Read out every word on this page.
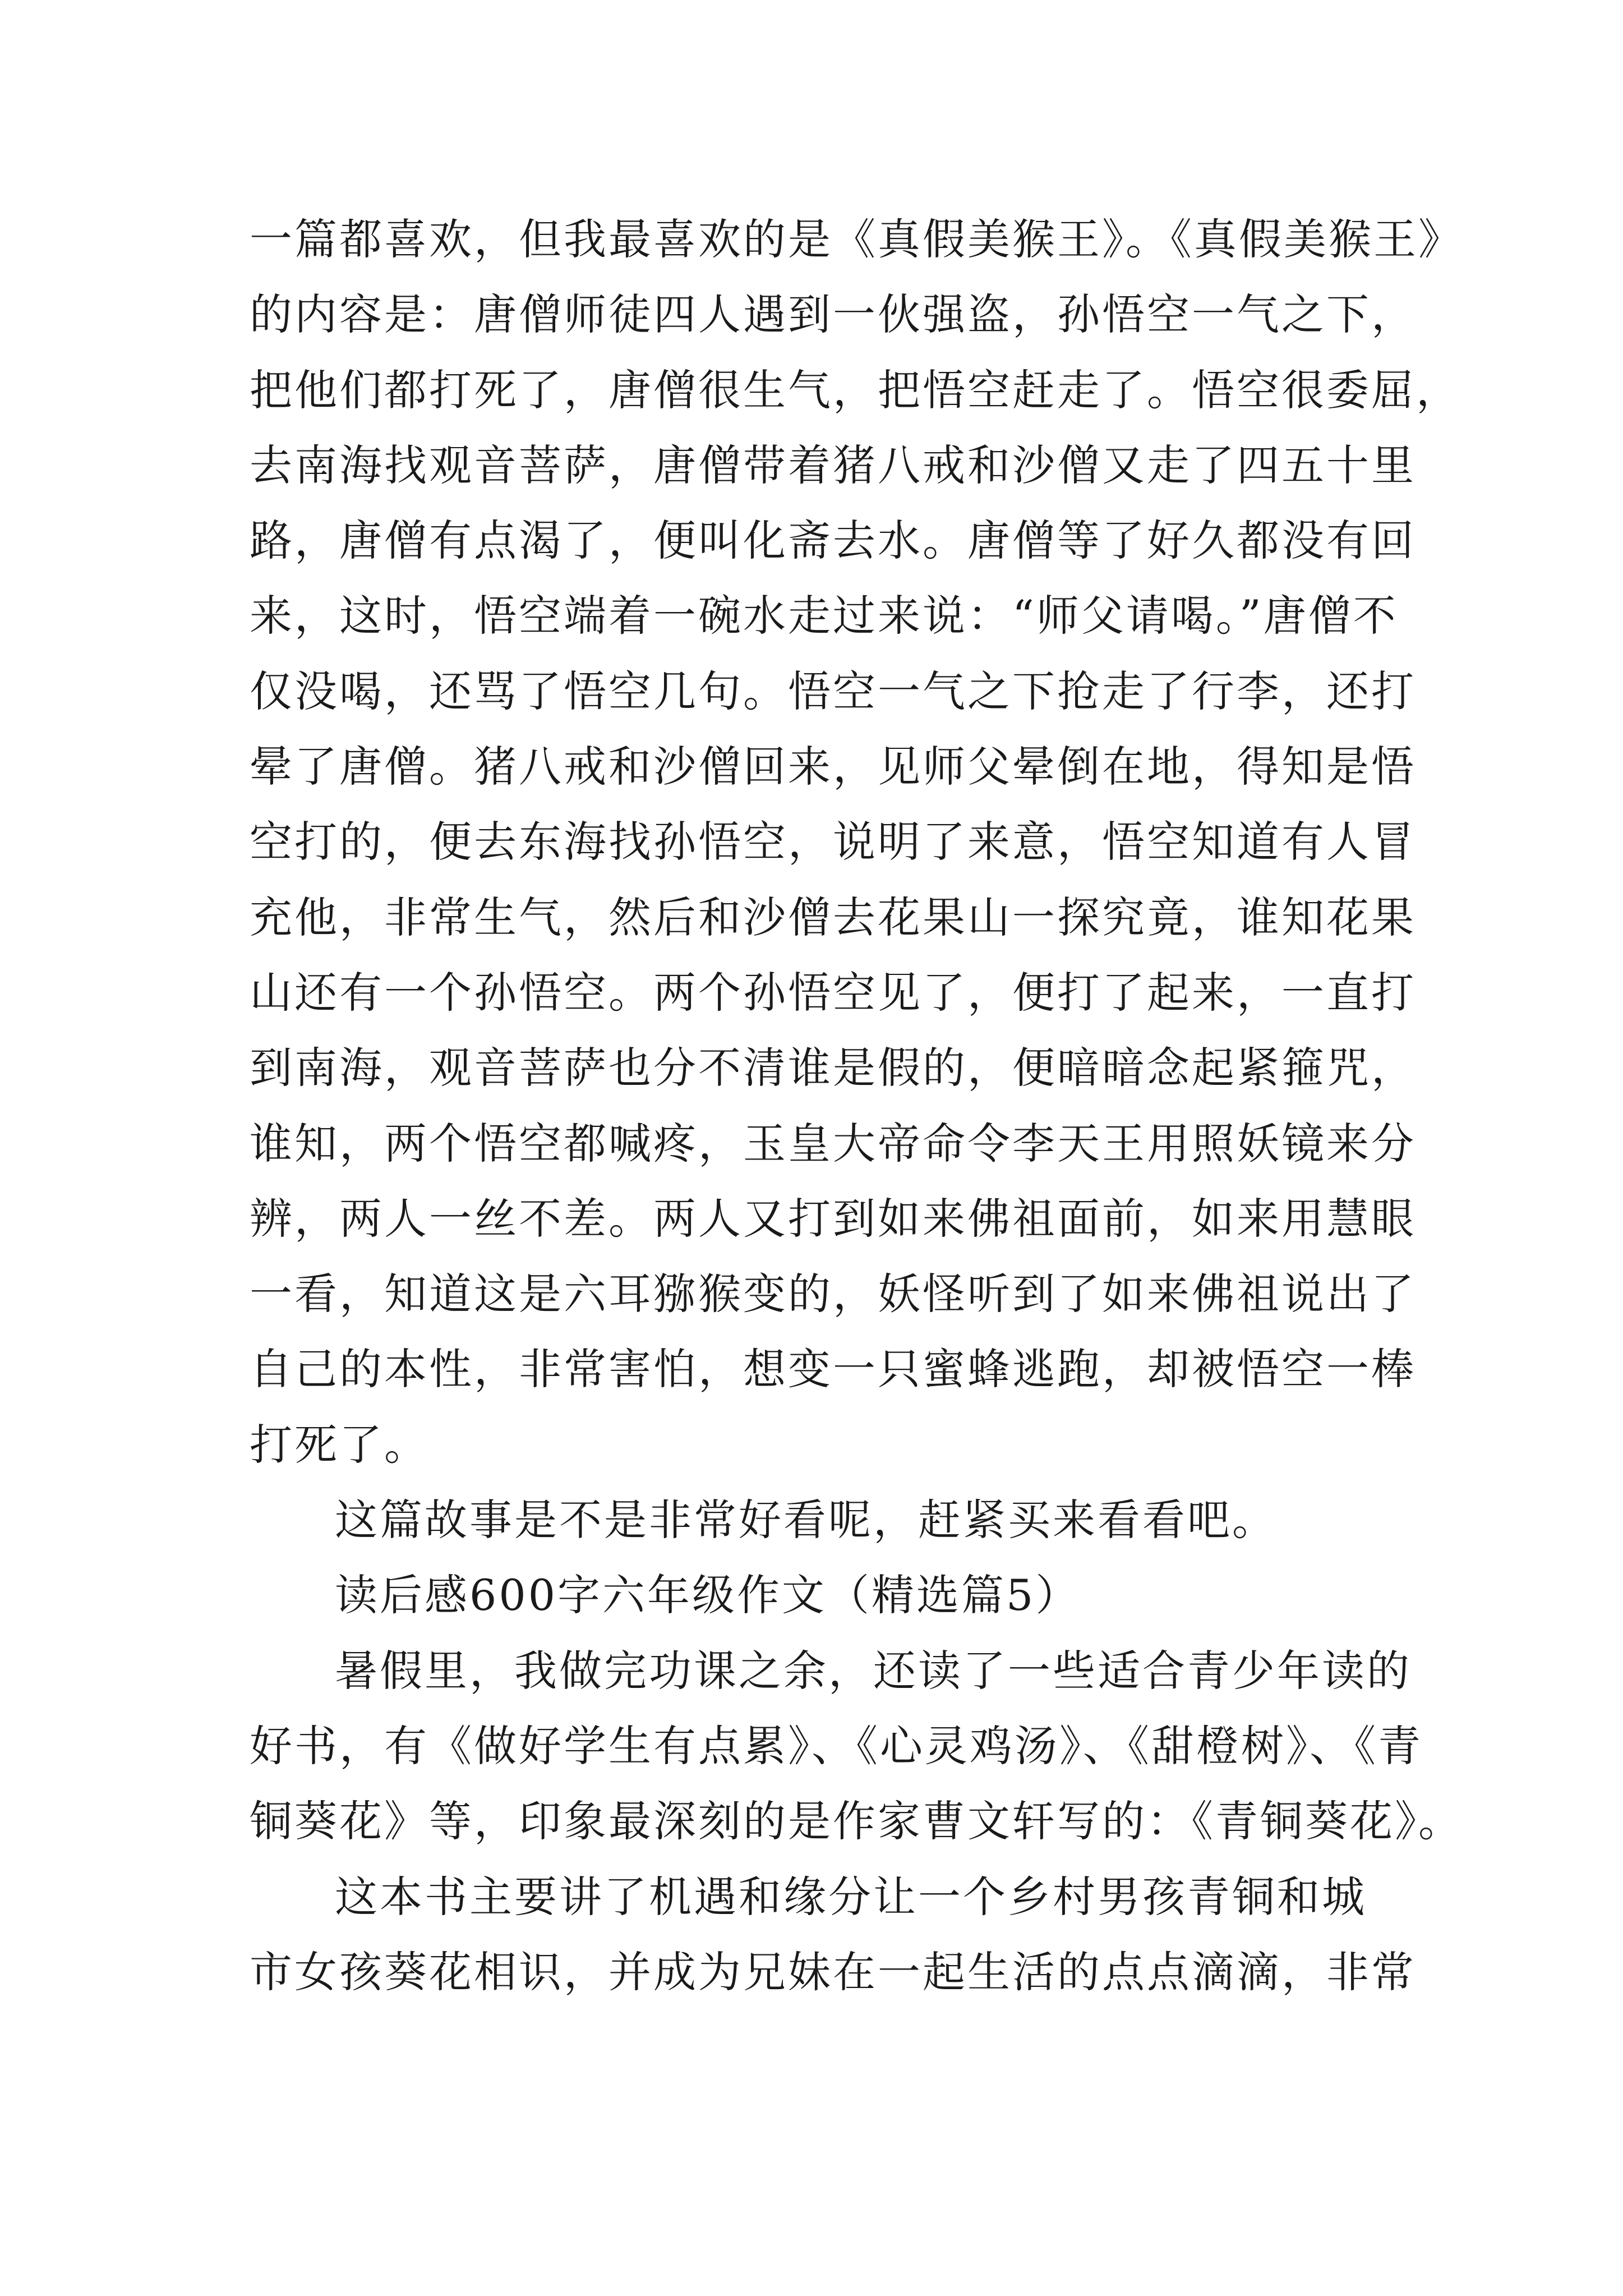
一篇都喜欢，但我最喜欢的是《真假美猴王》。《真假美猴王》
的内容是：唐僧师徒四人遇到一伙强盗，孙悟空一气之下，
把他们都打死了，唐僧很生气，把悟空赶走了。悟空很委屈，
去南海找观音菩萨，唐僧带着猪八戒和沙僧又走了四五十里
路，唐僧有点渴了，便叫化斋去水。唐僧等了好久都没有回
来，这时，悟空端着一碗水走过来说：“师父请喝。”唐僧不
仅没喝，还骂了悟空几句。悟空一气之下抢走了行李，还打
晕了唐僧。猪八戒和沙僧回来，见师父晕倒在地，得知是悟
空打的，便去东海找孙悟空，说明了来意，悟空知道有人冒
充他，非常生气，然后和沙僧去花果山一探究竟，谁知花果
山还有一个孙悟空。两个孙悟空见了，便打了起来，一直打
到南海，观音菩萨也分不清谁是假的，便暗暗念起紧箍咒，
谁知，两个悟空都喊疼，玉皇大帝命令李天王用照妖镜来分
辨，两人一丝不差。两人又打到如来佛祖面前，如来用慧眼
一看，知道这是六耳猕猴变的，妖怪听到了如来佛祖说出了
自己的本性，非常害怕，想变一只蜜蜂逃跑，却被悟空一棒
打死了。
这篇故事是不是非常好看呢，赶紧买来看看吧。
读后感600字六年级作文（精选篇5）
暑假里，我做完功课之余，还读了一些适合青少年读的
好书，有《做好学生有点累》、《心灵鸡汤》、《甜橙树》、《青
铜葵花》等，印象最深刻的是作家曹文轩写的：《青铜葵花》。
这本书主要讲了机遇和缘分让一个乡村男孩青铜和城
市女孩葵花相识，并成为兄妹在一起生活的点点滴滴，非常
